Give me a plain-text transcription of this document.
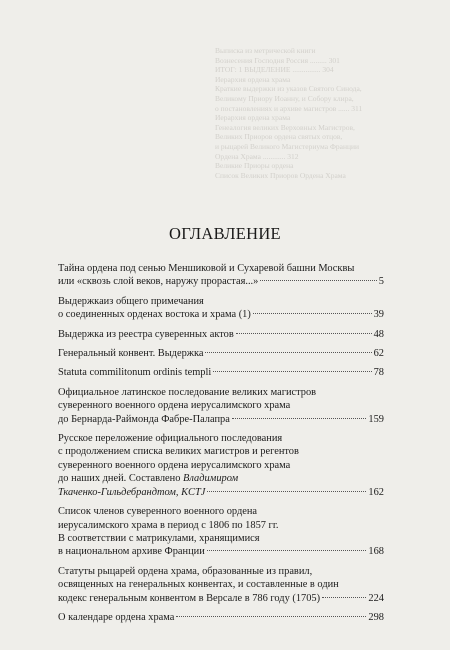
Выписка из метрической книги
Вознесения Господня Россия ......... 301
ИТОГ: 1 ВЫДЕЛЕНИЕ ............... 304
Иерархия ордена храма
Краткие выдержки из указов Святого Синода,
Великому Приору Иоанну, и Собору клира,
о постановлениях и архиве магистров ...... 311
Иерархия ордена храма
Генеалогия великих Верховных Магистров,
Великих Приоров ордена святых отцов,
и рыцарей Великого Магистериума Франции
Ордена Храма ............ 312
Великие Приоры ордена
Список Великих Приоров Ордена Храма
ОГЛАВЛЕНИЕ
Тайна ордена под сенью Меншиковой и Сухаревой башни Москвы
или «сквозь слой веков, наружу прорастая...»	5
Выдержкаиз общего примечания
о соединенных орденах востока и храма (1)	39
Выдержка из реестра суверенных актов	48
Генеральный конвент. Выдержка	62
Statuta commilitonum ordinis templi	78
Официальное латинское последование великих магистров
суверенного военного ордена иерусалимского храма
до Бернарда-Раймонда Фабре-Палапра	159
Русское переложение официального последования
с продолжением списка великих магистров и регентов
суверенного военного ордена иерусалимского храма
до наших дней. Составлено Владимиром
Ткаченко-Гильдебрандтом, KCTJ	162
Список членов суверенного военного ордена
иерусалимского храма в период с 1806 по 1857 гг.
В соответствии с матрикулами, хранящимися
в национальном архиве Франции	168
Статуты рыцарей ордена храма, образованные из правил,
освященных на генеральных конвентах, и составленные в один
кодекс генеральным конвентом в Версале в 786 году (1705)	224
О календаре ордена храма	298
